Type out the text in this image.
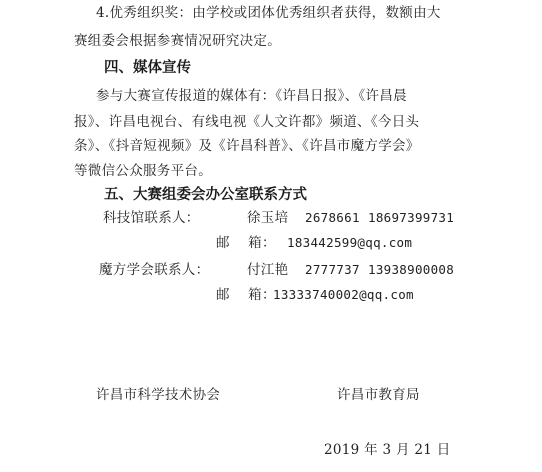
4.优秀组织奖：由学校或团体优秀组织者获得，数额由大
赛组委会根据参赛情况研究决定。
四、媒体宣传
参与大赛宣传报道的媒体有：《许昌日报》、《许昌晨
报》、许昌电视台、有线电视《人文许都》频道、《今日头
条》、《抖音短视频》及《许昌科普》、《许昌市魔方学会》
等微信公众服务平台。
五、大赛组委会办公室联系方式
科技馆联系人：	徐玉培 2678661 18697399731
邮    箱： 183442599@qq.com
魔方学会联系人：	付江艳 2777737 13938900008
邮    箱：
13333740002@qq.com
许昌市科学技术协会	许昌市教育局
2019 年 3 月 21 日
